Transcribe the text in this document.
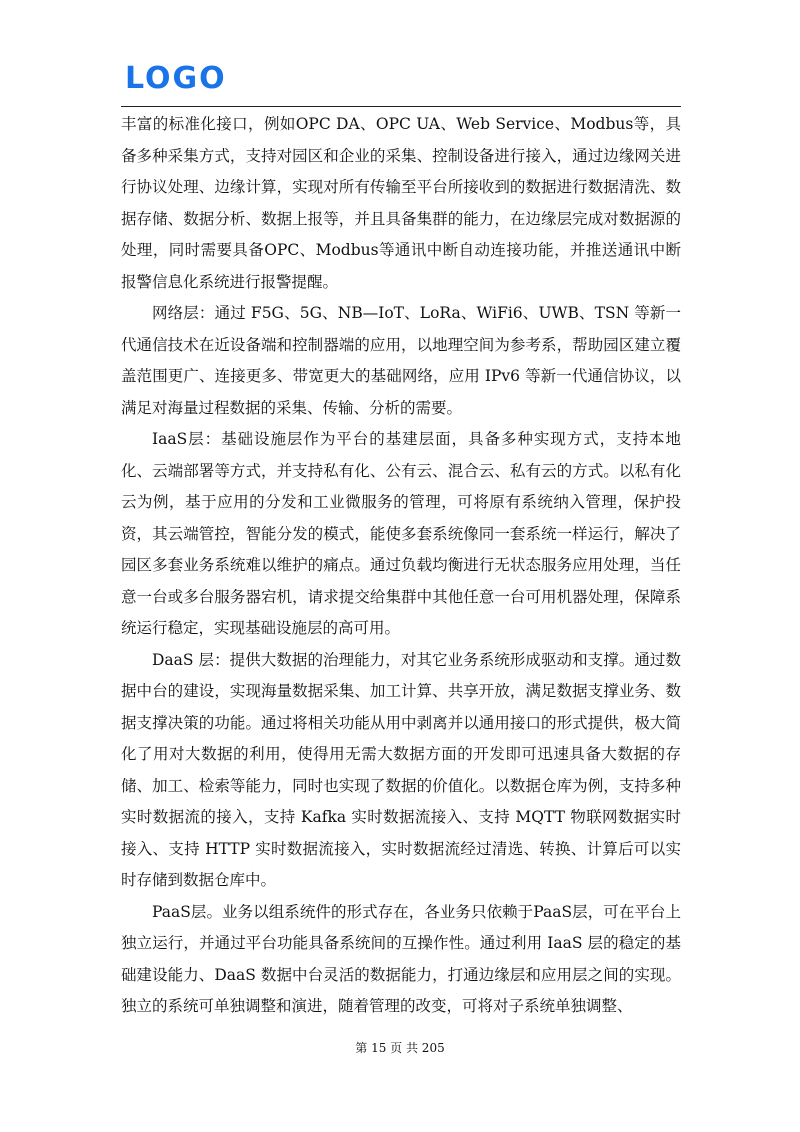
LOGO

丰富的标准化接口，例如OPC DA、OPC UA、Web Service、Modbus等，具备多种采集方式，支持对园区和企业的采集、控制设备进行接入，通过边缘网关进行协议处理、边缘计算，实现对所有传输至平台所接收到的数据进行数据清洗、数据存储、数据分析、数据上报等，并且具备集群的能力，在边缘层完成对数据源的处理，同时需要具备OPC、Modbus等通讯中断自动连接功能，并推送通讯中断报警信息化系统进行报警提醒。

网络层：通过 F5G、5G、NB—IoT、LoRa、WiFi6、UWB、TSN 等新一代通信技术在近设备端和控制器端的应用，以地理空间为参考系，帮助园区建立覆盖范围更广、连接更多、带宽更大的基础网络，应用 IPv6 等新一代通信协议，以满足对海量过程数据的采集、传输、分析的需要。

IaaS层：基础设施层作为平台的基建层面，具备多种实现方式，支持本地化、云端部署等方式，并支持私有化、公有云、混合云、私有云的方式。以私有化云为例，基于应用的分发和工业微服务的管理，可将原有系统纳入管理，保护投资，其云端管控，智能分发的模式，能使多套系统像同一套系统一样运行，解决了园区多套业务系统难以维护的痛点。通过负载均衡进行无状态服务应用处理，当任意一台或多台服务器宕机，请求提交给集群中其他任意一台可用机器处理，保障系统运行稳定，实现基础设施层的高可用。

DaaS 层：提供大数据的治理能力，对其它业务系统形成驱动和支撑。通过数据中台的建设，实现海量数据采集、加工计算、共享开放，满足数据支撑业务、数据支撑决策的功能。通过将相关功能从用中剥离并以通用接口的形式提供，极大简化了用对大数据的利用，使得用无需大数据方面的开发即可迅速具备大数据的存储、加工、检索等能力，同时也实现了数据的价值化。以数据仓库为例，支持多种实时数据流的接入，支持 Kafka 实时数据流接入、支持 MQTT 物联网数据实时接入、支持 HTTP 实时数据流接入，实时数据流经过清选、转换、计算后可以实时存储到数据仓库中。

PaaS层。业务以组系统件的形式存在，各业务只依赖于PaaS层，可在平台上独立运行，并通过平台功能具备系统间的互操作性。通过利用 IaaS 层的稳定的基础建设能力、DaaS 数据中台灵活的数据能力，打通边缘层和应用层之间的实现。独立的系统可单独调整和演进，随着管理的改变，可将对子系统单独调整、

第 15 页 共 205
